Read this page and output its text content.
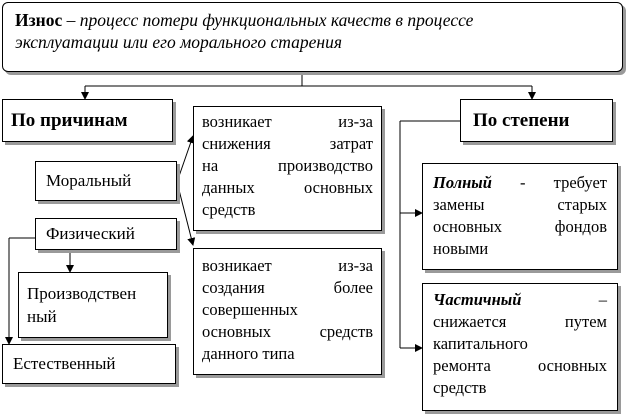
Износ – процесс потери функциональных качеств в процессе
эксплуатации или его морального старения
По причинам
Моральный
Физический
Производствен
ный
Естественный
возникает из-за
снижения затрат
на производство
данных основных
средств
возникает из-за
создания более
совершенных
основных средств
данного типа
По степени
Полный - требует
замены старых
основных фондов
новыми
Частичный –
снижается путем
капитального
ремонта основных
средств
